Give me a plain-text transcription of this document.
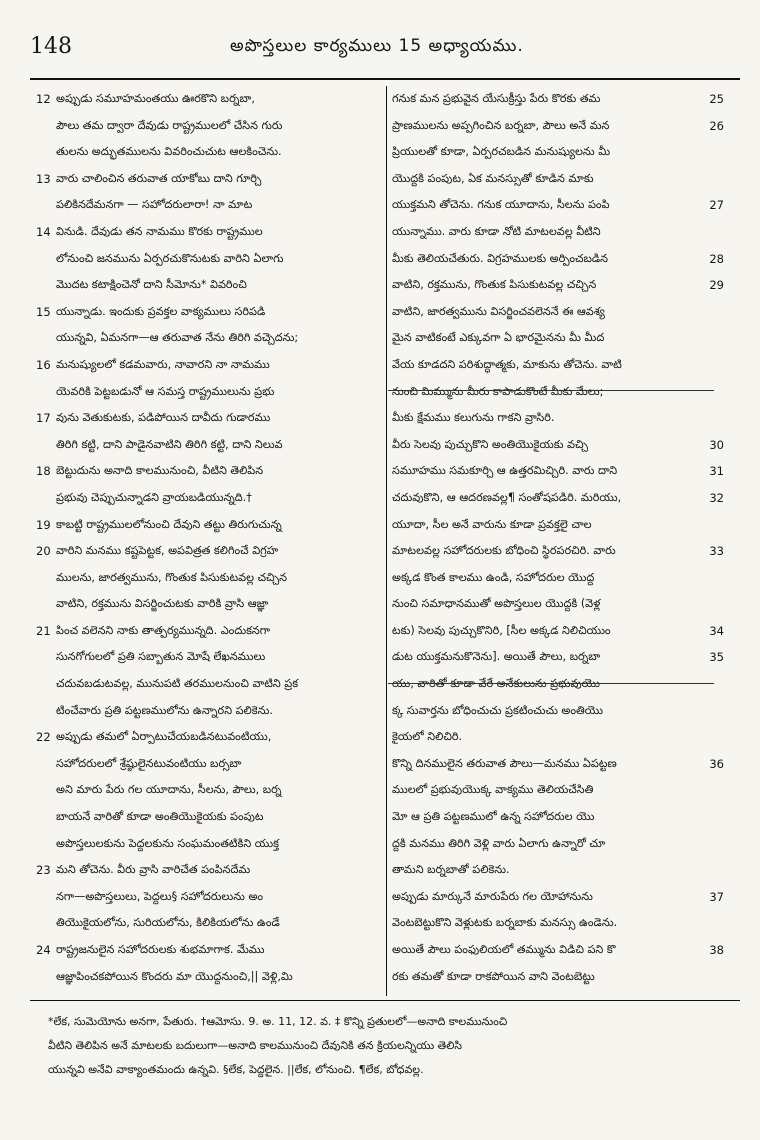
148	అపొస్తలుల కార్యములు 15 అధ్యాయము.
12 అప్పుడు సమూహమంతయు ఊరకొని బర్నబా,
పౌలు తమ ద్వారా దేవుడు రాష్ట్రములలో చేసిన గురు
తులను అద్భుతములను వివరించుచుట ఆలకించెను.
13 వారు చాలించిన తరువాత యాకోబు దాని గూర్చి
పలికినదేమనగా — సహోదరులారా! నా మాట
14 వినుడి. దేవుడు తన నామము కొరకు రాష్ట్రముల
లోనుంచి జనమును ఏర్పరచుకొనుటకు వారిని ఏలాగు
మొదట కటాక్షించెనో దాని సీమోను* వివరించి
15 యున్నాడు. ఇందుకు ప్రవక్తల వాక్యములు సరిపడి
యున్నవి, ఏమనగా—ఆ తరువాత నేను తిరిగి వచ్చెదను;
16 మనుష్యులలో కడమవారు, నావారని నా నామము
యెవరికి పెట్టబడునో ఆ సమస్త రాష్ట్రములును ప్రభు
17 వును వెతుకుటకు, పడిపోయిన దావీదు గుడారము
తిరిగి కట్టి, దాని పాడైనవాటిని తిరిగి కట్టి, దాని నిలువ
18 బెట్టుదును అనాది కాలమునుంచి, వీటిని తెలిపిన
ప్రభువు చెప్పుచున్నాడని వ్రాయబడియున్నది.†
19 కాబట్టి రాష్ట్రములలోనుంచి దేవుని తట్టు తిరుగుచున్న
20 వారిని మనము కష్టపెట్టక, అపవిత్రత కలిగించే విగ్రహ
ములను, జారత్వమును, గొంతుక పిసుకుటవల్ల చచ్చిన
వాటిని, రక్తమును విసర్జించుటకు వారికి వ్రాసి ఆజ్ఞా
21 పించ వలెనని నాకు తాత్పర్యమున్నది. ఎందుకనగా
సునగోగులలో ప్రతి సబ్బాతున మోషే లేఖనములు
చదువబడుటవల్ల, మునుపటి తరములనుంచి వాటిని ప్రక
టించేవారు ప్రతి పట్టణములోను ఉన్నారని పలికెను.
22 అప్పుడు తమలో ఏర్పాటుచేయబడినటువంటియు,
సహోదరులలో శ్రేష్ఠులైనటువంటియు బర్సబా
అని మారు పేరు గల యూదాను, సీలను, పౌలు, బర్న
బాయనే వారితో కూడా అంతియొకైయకు పంపుట
అపొస్తలులకును పెద్దలకును సంఘమంతటికిని యుక్త
23 మని తోచెను. వీరు వ్రాసి వారిచేత పంపినదేమ
నగా—అపొస్తలులు, పెద్దలు§ సహోదరులును అం
తియొకైయలోను, సురియలోను, కిలికియలోను ఉండే
24 రాష్ట్రజనులైన సహోదరులకు శుభమాగాక. మేము
ఆజ్ఞాపించకపోయిన కొందరు మా యొద్దనుంచి,|| వెళ్లి,మి
25
గనుక మన ప్రభువైన యేసుక్రీస్తు పేరు కొరకు తమ
26
ప్రాణములను అప్పగించిన బర్నబా, పౌలు అనే మన
ప్రియులతో కూడా, ఏర్పరచబడిన మనుష్యులను మీ
యొద్దకి పంపుట, ఏక మనస్సుతో కూడిన మాకు
27
యుక్తమని తోచెను. గనుక యూదాను, సీలను పంపి
యున్నాము. వారు కూడా నోటి మాటలవల్ల వీటిని
28
మీకు తెలియచేతురు. విగ్రహములకు అర్పించబడిన
29
వాటిని, రక్తమును, గొంతుక పిసుకుటవల్ల చచ్చిన
వాటిని, జారత్వమును విసర్జించవలెననే ఈ ఆవశ్య
మైన వాటికంటే ఎక్కువగా ఏ భారమైనను మీ మీద
వేయ కూడదని పరిశుద్ధాత్మకు, మాకును తోచెను. వాటి
నుంచి మిమ్మును మీరు కాపాడుకొంటే మీకు మేలు;
మీకు క్షేమము కలుగును గాకని వ్రాసిరి.
30
వీరు సెలవు పుచ్చుకొని అంతియొకైయకు వచ్చి
31
సమూహము సమకూర్చి ఆ ఉత్తరమిచ్చిరి. వారు దాని
32
చదువుకొని, ఆ ఆదరణవల్ల¶ సంతోషపడిరి. మరియు,
యూదా, సీల అనే వారును కూడా ప్రవక్తలై చాల
33
మాటలవల్ల సహోదరులకు బోధించి స్థిరపరచిరి. వారు
అక్కడ కొంత కాలము ఉండి, సహోదరుల యొద్ద
నుంచి సమాధానముతో అపొస్తలుల యొద్దకి (వెళ్ల
34
టకు) సెలవు పుచ్చుకొనిరి, [సీల అక్కడ నిలిచియుం
35
డుట యుక్తమనుకొనెను]. అయితే పౌలు, బర్నబా
యు, వారితో కూడా వేరే అనేకులును ప్రభువుయొ
క్క సువార్తను బోధించుచు ప్రకటించుచు అంతియొ
కైయలో నిలిచిరి.
36
కొన్ని దినములైన తరువాత పౌలు—మనము ఏపట్టణ
ములలో ప్రభువుయొక్క వాక్యము తెలియచేసితి
మో ఆ ప్రతి పట్టణములో ఉన్న సహోదరుల యొ
ద్దకి మనము తిరిగి వెళ్లి వారు ఏలాగు ఉన్నారో చూ
తామని బర్నబాతో పలికెను.
37
అప్పుడు మార్కునే మారుపేరు గల యోహానును
వెంటబెట్టుకొని వెళ్లుటకు బర్నబాకు మనస్సు ఉండెను.
38
అయితే పౌలు పంఫులియలో తమ్మును విడిచి పని కొ
రకు తమతో కూడా రాకపోయిన వాని వెంటబెట్టు
*లేక, సుమెయోను అనగా, పేతురు. †ఆమోసు. 9. అ. 11, 12. వ. ‡ కొన్ని ప్రతులలో—అనాది కాలమునుంచి
వీటిని తెలిపిన అనే మాటలకు బదులుగా—అనాది కాలమునుంచి దేవునికి తన క్రియలన్నియు తెలిసి
యున్నవి అనేవి వాక్యాంతమందు ఉన్నవి. §లేక, పెద్దలైన. ||లేక, లోనుంచి. ¶లేక, బోధవల్ల.
